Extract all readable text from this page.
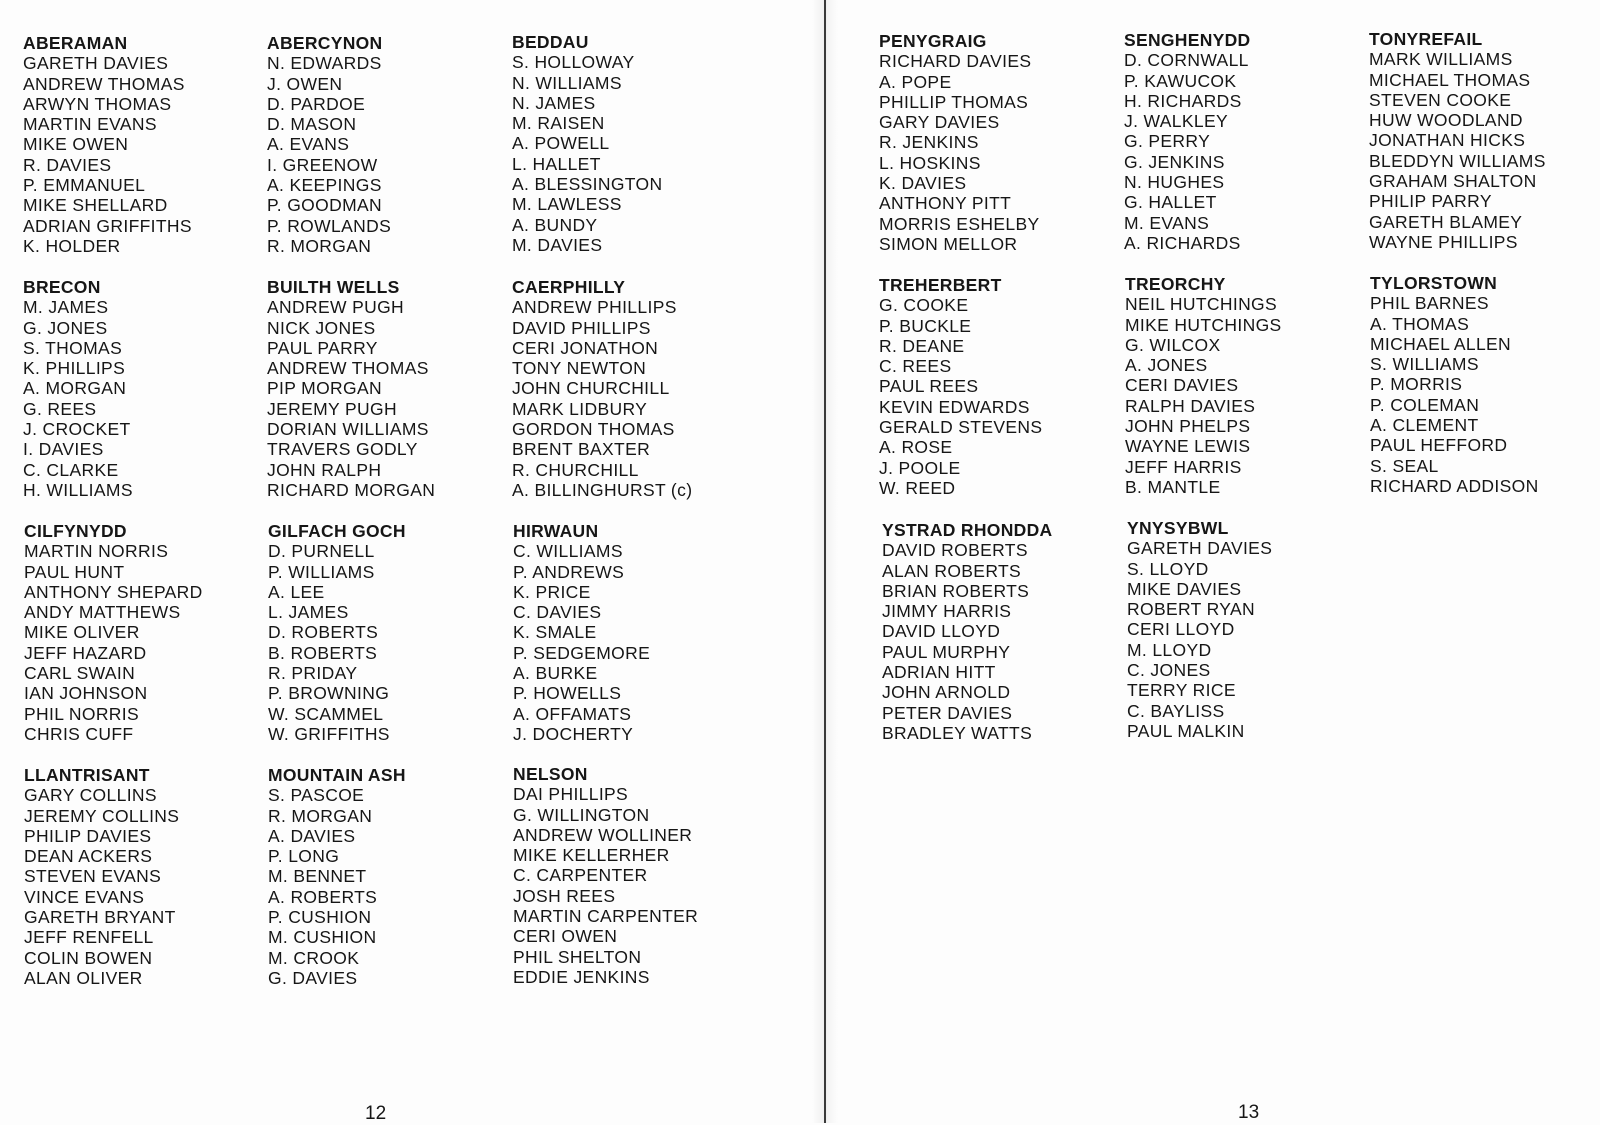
ABERAMAN
GARETH DAVIES
ANDREW THOMAS
ARWYN THOMAS
MARTIN EVANS
MIKE OWEN
R. DAVIES
P. EMMANUEL
MIKE SHELLARD
ADRIAN GRIFFITHS
K. HOLDER
ABERCYNON
N. EDWARDS
J. OWEN
D. PARDOE
D. MASON
A. EVANS
I. GREENOW
A. KEEPINGS
P. GOODMAN
P. ROWLANDS
R. MORGAN
BEDDAU
S. HOLLOWAY
N. WILLIAMS
N. JAMES
M. RAISEN
A. POWELL
L. HALLET
A. BLESSINGTON
M. LAWLESS
A. BUNDY
M. DAVIES
BRECON
M. JAMES
G. JONES
S. THOMAS
K. PHILLIPS
A. MORGAN
G. REES
J. CROCKET
I. DAVIES
C. CLARKE
H. WILLIAMS
BUILTH WELLS
ANDREW PUGH
NICK JONES
PAUL PARRY
ANDREW THOMAS
PIP MORGAN
JEREMY PUGH
DORIAN WILLIAMS
TRAVERS GODLY
JOHN RALPH
RICHARD MORGAN
CAERPHILLY
ANDREW PHILLIPS
DAVID PHILLIPS
CERI JONATHON
TONY NEWTON
JOHN CHURCHILL
MARK LIDBURY
GORDON THOMAS
BRENT BAXTER
R. CHURCHILL
A. BILLINGHURST (c)
CILFYNYDD
MARTIN NORRIS
PAUL HUNT
ANTHONY SHEPARD
ANDY MATTHEWS
MIKE OLIVER
JEFF HAZARD
CARL SWAIN
IAN JOHNSON
PHIL NORRIS
CHRIS CUFF
GILFACH GOCH
D. PURNELL
P. WILLIAMS
A. LEE
L. JAMES
D. ROBERTS
B. ROBERTS
R. PRIDAY
P. BROWNING
W. SCAMMEL
W. GRIFFITHS
HIRWAUN
C. WILLIAMS
P. ANDREWS
K. PRICE
C. DAVIES
K. SMALE
P. SEDGEMORE
A. BURKE
P. HOWELLS
A. OFFAMATS
J. DOCHERTY
LLANTRISANT
GARY COLLINS
JEREMY COLLINS
PHILIP DAVIES
DEAN ACKERS
STEVEN EVANS
VINCE EVANS
GARETH BRYANT
JEFF RENFELL
COLIN BOWEN
ALAN OLIVER
MOUNTAIN ASH
S. PASCOE
R. MORGAN
A. DAVIES
P. LONG
M. BENNET
A. ROBERTS
P. CUSHION
M. CUSHION
M. CROOK
G. DAVIES
NELSON
DAI PHILLIPS
G. WILLINGTON
ANDREW WOLLINER
MIKE KELLERHER
C. CARPENTER
JOSH REES
MARTIN CARPENTER
CERI OWEN
PHIL SHELTON
EDDIE JENKINS
12
PENYGRAIG
RICHARD DAVIES
A. POPE
PHILLIP THOMAS
GARY DAVIES
R. JENKINS
L. HOSKINS
K. DAVIES
ANTHONY PITT
MORRIS ESHELBY
SIMON MELLOR
SENGHENYDD
D. CORNWALL
P. KAWUCOK
H. RICHARDS
J. WALKLEY
G. PERRY
G. JENKINS
N. HUGHES
G. HALLET
M. EVANS
A. RICHARDS
TONYREFAIL
MARK WILLIAMS
MICHAEL THOMAS
STEVEN COOKE
HUW WOODLAND
JONATHAN HICKS
BLEDDYN WILLIAMS
GRAHAM SHALTON
PHILIP PARRY
GARETH BLAMEY
WAYNE PHILLIPS
TREHERBERT
G. COOKE
P. BUCKLE
R. DEANE
C. REES
PAUL REES
KEVIN EDWARDS
GERALD STEVENS
A. ROSE
J. POOLE
W. REED
TREORCHY
NEIL HUTCHINGS
MIKE HUTCHINGS
G. WILCOX
A. JONES
CERI DAVIES
RALPH DAVIES
JOHN PHELPS
WAYNE LEWIS
JEFF HARRIS
B. MANTLE
TYLORSTOWN
PHIL BARNES
A. THOMAS
MICHAEL ALLEN
S. WILLIAMS
P. MORRIS
P. COLEMAN
A. CLEMENT
PAUL HEFFORD
S. SEAL
RICHARD ADDISON
YSTRAD RHONDDA
DAVID ROBERTS
ALAN ROBERTS
BRIAN ROBERTS
JIMMY HARRIS
DAVID LLOYD
PAUL MURPHY
ADRIAN HITT
JOHN ARNOLD
PETER DAVIES
BRADLEY WATTS
YNYSYBWL
GARETH DAVIES
S. LLOYD
MIKE DAVIES
ROBERT RYAN
CERI LLOYD
M. LLOYD
C. JONES
TERRY RICE
C. BAYLISS
PAUL MALKIN
13
